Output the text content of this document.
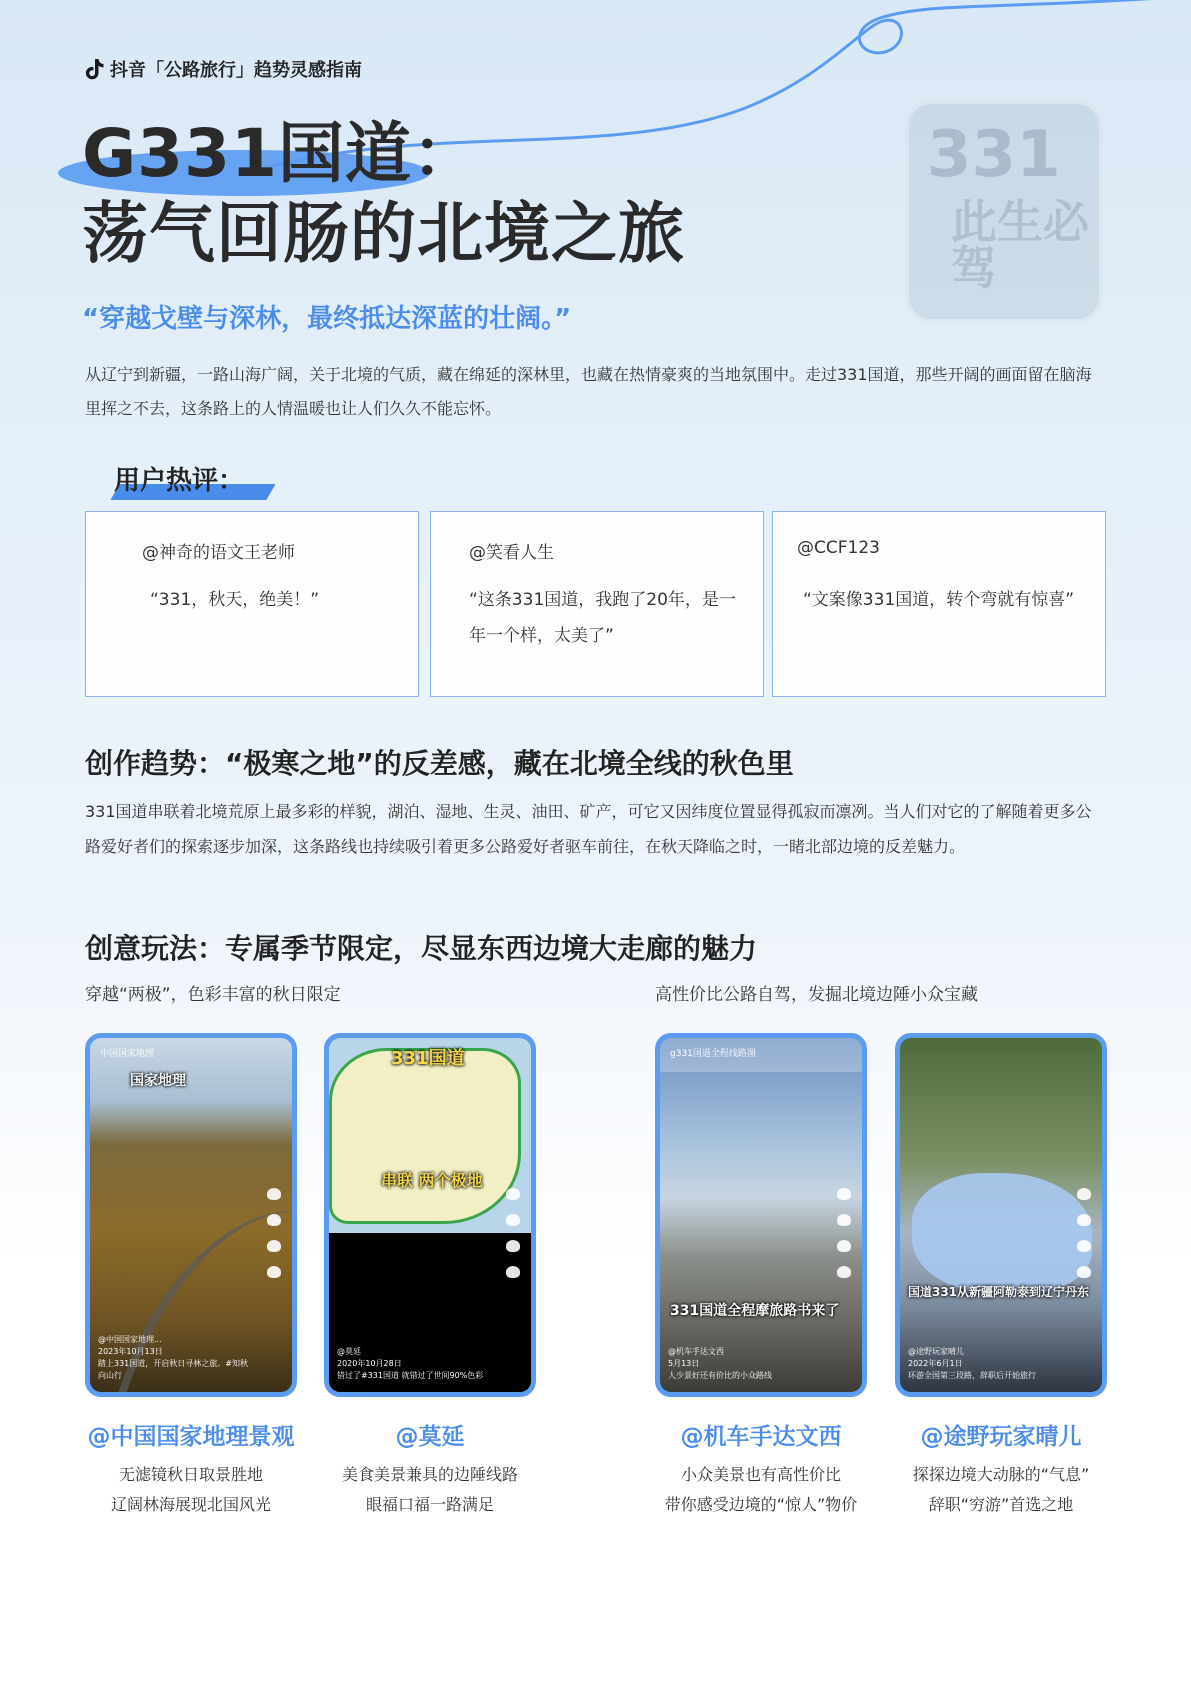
331
此生必驾
抖音「公路旅行」趋势灵感指南
G331国道：
荡气回肠的北境之旅
“穿越戈壁与深林，最终抵达深蓝的壮阔。”
从辽宁到新疆，一路山海广阔，关于北境的气质，藏在绵延的深林里，也藏在热情豪爽的当地氛围中。走过331国道，那些开阔的画面留在脑海里挥之不去，这条路上的人情温暖也让人们久久不能忘怀。
用户热评：
@神奇的语文王老师
“331，秋天，绝美！”
@笑看人生
“这条331国道，我跑了20年，是一年一个样，太美了”
@CCF123
“文案像331国道，转个弯就有惊喜”
创作趋势：“极寒之地”的反差感，藏在北境全线的秋色里
331国道串联着北境荒原上最多彩的样貌，湖泊、湿地、生灵、油田、矿产，可它又因纬度位置显得孤寂而凛冽。当人们对它的了解随着更多公路爱好者们的探索逐步加深，这条路线也持续吸引着更多公路爱好者驱车前往，在秋天降临之时，一睹北部边境的反差魅力。
创意玩法：专属季节限定，尽显东西边境大走廊的魅力
穿越“两极”，色彩丰富的秋日限定	高性价比公路自驾，发掘北境边陲小众宝藏
中国国家地理
国家地理
@中国国家地理...
2023年10月13日
踏上331国道，开启秋日寻林之旅。#知秋向山行
331国道
串联 两个极地
@莫延
2020年10月28日
错过了#331国道 就错过了世间90%色彩
g331国道全程线路图
331国道全程摩旅路书来了
@机车手达文西
5月13日
人少景好还有价比的小众路线
国道331从新疆阿勒泰到辽宁丹东
@途野玩家晴儿
2022年6月1日
环游全国第三段路，辞职后开始旅行
@中国国家地理景观
无滤镜秋日取景胜地
辽阔林海展现北国风光
@莫延
美食美景兼具的边陲线路
眼福口福一路满足
@机车手达文西
小众美景也有高性价比
带你感受边境的“惊人”物价
@途野玩家晴儿
探探边境大动脉的“气息”
辞职“穷游”首选之地
